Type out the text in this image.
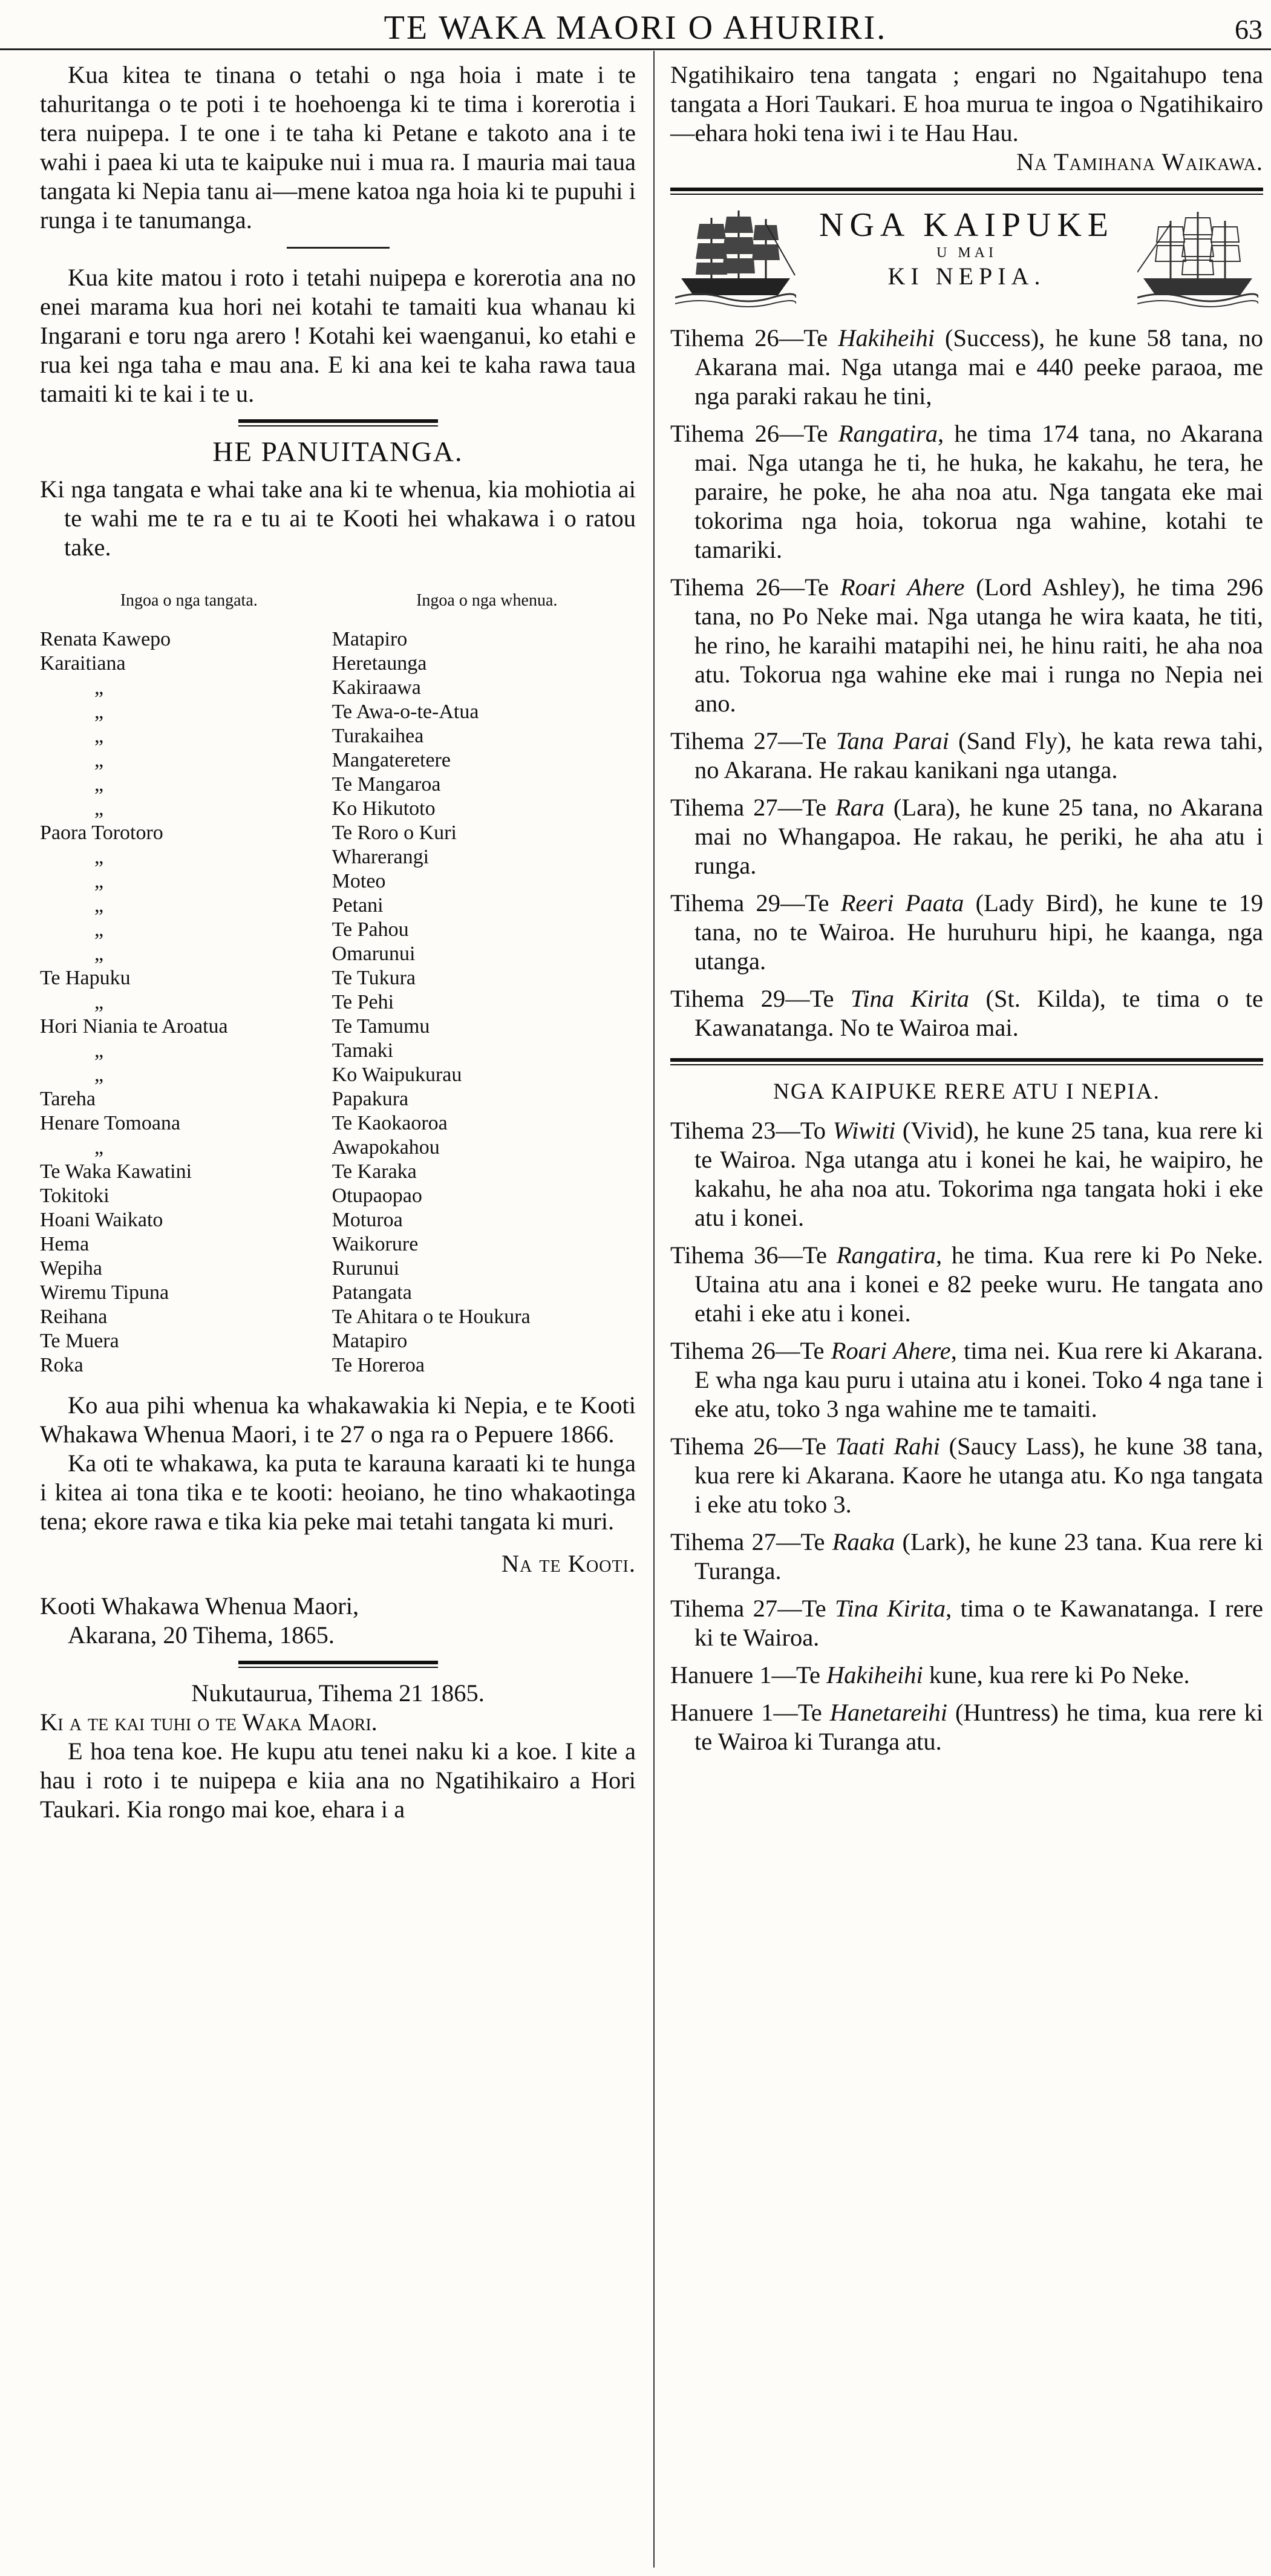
TE WAKA MAORI O AHURIRI.	63

Kua kitea te tinana o tetahi o nga hoia i mate i te tahuritanga o te poti i te hoehoenga ki te tima i korerotia i tera nuipepa. I te one i te taha ki Petane e takoto ana i te wahi i paea ki uta te kaipuke nui i mua ra. I mauria mai taua tangata ki Nepia tanu ai—mene katoa nga hoia ki te pupuhi i runga i te tanumanga.

Kua kite matou i roto i tetahi nuipepa e korerotia ana no enei marama kua hori nei kotahi te tamaiti kua whanau ki Ingarani e toru nga arero ! Kotahi kei waenganui, ko etahi e rua kei nga taha e mau ana. E ki ana kei te kaha rawa taua tamaiti ki te kai i te u.

HE PANUITANGA.

Ki nga tangata e whai take ana ki te whenua, kia mohiotia ai te wahi me te ra e tu ai te Kooti hei whakawa i o ratou take.

Ingoa o nga tangata.	Ingoa o nga whenua.
Renata Kawepo	Matapiro
Karaitiana	Heretaunga
„	Kakiraawa
„	Te Awa-o-te-Atua
„	Turakaihea
„	Mangateretere
„	Te Mangaroa
„	Ko Hikutoto
Paora Torotoro	Te Roro o Kuri
„	Wharerangi
„	Moteo
„	Petani
„	Te Pahou
„	Omarunui
Te Hapuku	Te Tukura
„	Te Pehi
Hori Niania te Aroatua	Te Tamumu
„	Tamaki
„	Ko Waipukurau
Tareha	Papakura
Henare Tomoana	Te Kaokaoroa
„	Awapokahou
Te Waka Kawatini	Te Karaka
Tokitoki	Otupaopao
Hoani Waikato	Moturoa
Hema	Waikorure
Wepiha	Rurunui
Wiremu Tipuna	Patangata
Reihana	Te Ahitara o te Houkura
Te Muera	Matapiro
Roka	Te Horeroa

Ko aua pihi whenua ka whakawakia ki Nepia, e te Kooti Whakawa Whenua Maori, i te 27 o nga ra o Pepuere 1866.

Ka oti te whakawa, ka puta te karauna karaati ki te hunga i kitea ai tona tika e te kooti: heoiano, he tino whakaotinga tena; ekore rawa e tika kia peke mai tetahi tangata ki muri.

Na te Kooti.

Kooti Whakawa Whenua Maori,

Akarana, 20 Tihema, 1865.

Nukutaurua, Tihema 21 1865.

Ki a te kai tuhi o te Waka Maori.

E hoa tena koe. He kupu atu tenei naku ki a koe. I kite a hau i roto i te nuipepa e kiia ana no Ngatihikairo a Hori Taukari. Kia rongo mai koe, ehara i a

Ngatihikairo tena tangata ; engari no Ngaitahupo tena tangata a Hori Taukari. E hoa murua te ingoa o Ngatihikairo—ehara hoki tena iwi i te Hau Hau.

Na Tamihana Waikawa.

NGA KAIPUKE
U MAI
KI NEPIA.

Tihema 26—Te Hakiheihi (Success), he kune 58 tana, no Akarana mai. Nga utanga mai e 440 peeke paraoa, me nga paraki rakau he tini,

Tihema 26—Te Rangatira, he tima 174 tana, no Akarana mai. Nga utanga he ti, he huka, he kakahu, he tera, he paraire, he poke, he aha noa atu. Nga tangata eke mai tokorima nga hoia, tokorua nga wahine, kotahi te tamariki.

Tihema 26—Te Roari Ahere (Lord Ashley), he tima 296 tana, no Po Neke mai. Nga utanga he wira kaata, he titi, he rino, he karaihi matapihi nei, he hinu raiti, he aha noa atu. Tokorua nga wahine eke mai i runga no Nepia nei ano.

Tihema 27—Te Tana Parai (Sand Fly), he kata rewa tahi, no Akarana. He rakau kanikani nga utanga.

Tihema 27—Te Rara (Lara), he kune 25 tana, no Akarana mai no Whangapoa. He rakau, he periki, he aha atu i runga.

Tihema 29—Te Reeri Paata (Lady Bird), he kune te 19 tana, no te Wairoa. He huruhuru hipi, he kaanga, nga utanga.

Tihema 29—Te Tina Kirita (St. Kilda), te tima o te Kawanatanga. No te Wairoa mai.

NGA KAIPUKE RERE ATU I NEPIA.

Tihema 23—To Wiwiti (Vivid), he kune 25 tana, kua rere ki te Wairoa. Nga utanga atu i konei he kai, he waipiro, he kakahu, he aha noa atu. Tokorima nga tangata hoki i eke atu i konei.

Tihema 36—Te Rangatira, he tima. Kua rere ki Po Neke. Utaina atu ana i konei e 82 peeke wuru. He tangata ano etahi i eke atu i konei.

Tihema 26—Te Roari Ahere, tima nei. Kua rere ki Akarana. E wha nga kau puru i utaina atu i konei. Toko 4 nga tane i eke atu, toko 3 nga wahine me te tamaiti.

Tihema 26—Te Taati Rahi (Saucy Lass), he kune 38 tana, kua rere ki Akarana. Kaore he utanga atu. Ko nga tangata i eke atu toko 3.

Tihema 27—Te Raaka (Lark), he kune 23 tana. Kua rere ki Turanga.

Tihema 27—Te Tina Kirita, tima o te Kawanatanga. I rere ki te Wairoa.

Hanuere 1—Te Hakiheihi kune, kua rere ki Po Neke.

Hanuere 1—Te Hanetareihi (Huntress) he tima, kua rere ki te Wairoa ki Turanga atu.
